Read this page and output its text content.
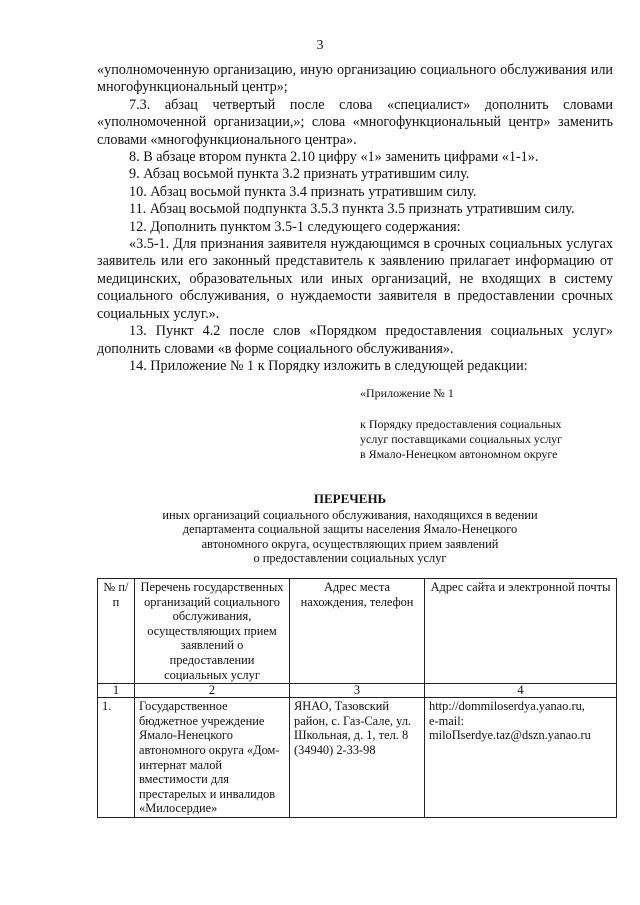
3

«уполномоченную организацию, иную организацию социального обслуживания или многофункциональный центр»;

7.3. абзац четвертый после слова «специалист» дополнить словами «уполномоченной организации,»; слова «многофункциональный центр» заменить словами «многофункционального центра».

8. В абзаце втором пункта 2.10 цифру «1» заменить цифрами «1-1».

9. Абзац восьмой пункта 3.2 признать утратившим силу.

10. Абзац восьмой пункта 3.4 признать утратившим силу.

11. Абзац восьмой подпункта 3.5.3 пункта 3.5 признать утратившим силу.

12. Дополнить пунктом 3.5-1 следующего содержания:

«3.5-1. Для признания заявителя нуждающимся в срочных социальных услугах заявитель или его законный представитель к заявлению прилагает информацию от медицинских, образовательных или иных организаций, не входящих в систему социального обслуживания, о нуждаемости заявителя в предоставлении срочных социальных услуг.».

13. Пункт 4.2 после слов «Порядком предоставления социальных услуг» дополнить словами «в форме социального обслуживания».

14. Приложение № 1 к Порядку изложить в следующей редакции:

«Приложение № 1
к Порядку предоставления социальных
услуг поставщиками социальных услуг
в Ямало-Ненецком автономном округе
ПЕРЕЧЕНЬ
иных организаций социального обслуживания, находящихся в ведении
департамента социальной защиты населения Ямало-Ненецкого
автономного округа, осуществляющих прием заявлений
о предоставлении социальных услуг
№ п/п	Перечень государственных организаций социального обслуживания, осуществляющих прием заявлений о предоставлении социальных услуг	Адрес места нахождения, телефон	Адрес сайта и электронной почты
1	2	3	4
1.	Государственное бюджетное учреждение Ямало-Ненецкого автономного округа «Дом-интернат малой вместимости для престарелых и инвалидов «Милосердие»	ЯНАО, Тазовский район, с. Газ-Сале, ул. Школьная, д. 1, тел. 8 (34940) 2-33-98	http://dommiloserdya.yanao.ru,
e-mail:
miloПserdye.taz@dszn.yanao.ru
